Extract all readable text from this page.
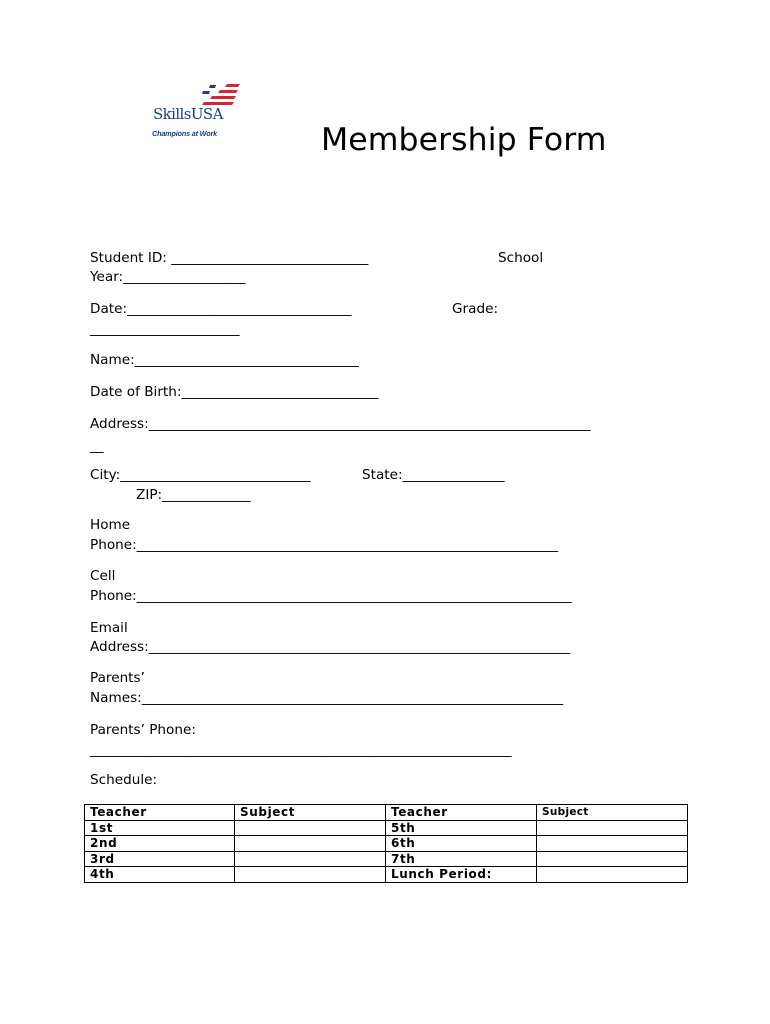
SkillsUSA
Champions at Work	Membership Form
Student ID: _____________________________	School
Year:__________________
Date:_________________________________	Grade:
______________________
Name:_________________________________
Date of Birth:_____________________________
Address:_________________________________________________________________
__
City:____________________________	State:_______________
ZIP:_____________
Home
Phone:______________________________________________________________
Cell
Phone:________________________________________________________________
Email
Address:______________________________________________________________
Parents’
Names:______________________________________________________________
Parents’ Phone:
______________________________________________________________
Schedule:
Teacher	Subject	Teacher	Subject
1st		5th	
2nd		6th	
3rd		7th	
4th		Lunch Period:	
